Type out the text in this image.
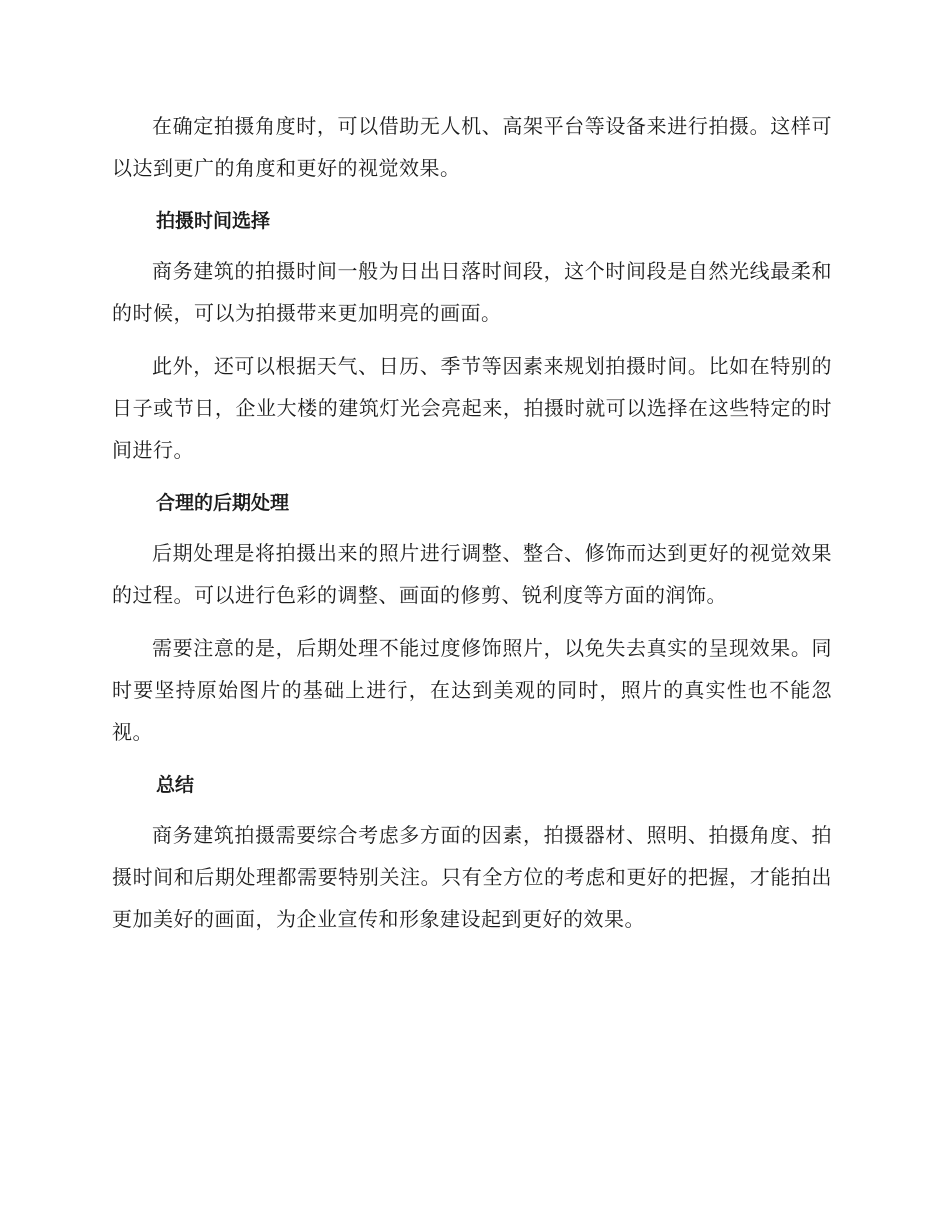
在确定拍摄角度时，可以借助无人机、高架平台等设备来进行拍摄。这样可以达到更广的角度和更好的视觉效果。

拍摄时间选择

商务建筑的拍摄时间一般为日出日落时间段，这个时间段是自然光线最柔和的时候，可以为拍摄带来更加明亮的画面。

此外，还可以根据天气、日历、季节等因素来规划拍摄时间。比如在特别的日子或节日，企业大楼的建筑灯光会亮起来，拍摄时就可以选择在这些特定的时间进行。

合理的后期处理

后期处理是将拍摄出来的照片进行调整、整合、修饰而达到更好的视觉效果的过程。可以进行色彩的调整、画面的修剪、锐利度等方面的润饰。

需要注意的是，后期处理不能过度修饰照片，以免失去真实的呈现效果。同时要坚持原始图片的基础上进行，在达到美观的同时，照片的真实性也不能忽视。

总结

商务建筑拍摄需要综合考虑多方面的因素，拍摄器材、照明、拍摄角度、拍摄时间和后期处理都需要特别关注。只有全方位的考虑和更好的把握，才能拍出更加美好的画面，为企业宣传和形象建设起到更好的效果。
